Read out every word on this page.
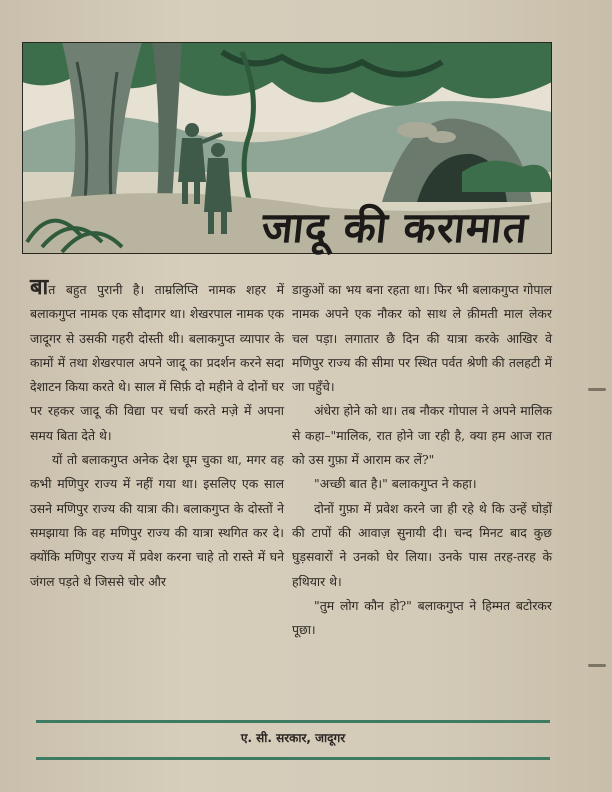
जादू की करामात

बात बहुत पुरानी है। ताम्रलिप्ति नामक शहर में बलाकगुप्त नामक एक सौदागर था। शेखरपाल नामक एक जादूगर से उसकी गहरी दोस्ती थी। बलाकगुप्त व्यापार के कामों में तथा शेखरपाल अपने जादू का प्रदर्शन करने सदा देशाटन किया करते थे। साल में सिर्फ़ दो महीने वे दोनों घर पर रहकर जादू की विद्या पर चर्चा करते मज़े में अपना समय बिता देते थे।

यों तो बलाकगुप्त अनेक देश घूम चुका था, मगर वह कभी मणिपुर राज्य में नहीं गया था। इसलिए एक साल उसने मणिपुर राज्य की यात्रा की। बलाकगुप्त के दोस्तों ने समझाया कि वह मणिपुर राज्य की यात्रा स्थगित कर दे। क्योंकि मणिपुर राज्य में प्रवेश करना चाहे तो रास्ते में घने जंगल पड़ते थे जिससे चोर और

डाकुओं का भय बना रहता था। फिर भी बलाकगुप्त गोपाल नामक अपने एक नौकर को साथ ले क़ीमती माल लेकर चल पड़ा। लगातार छै दिन की यात्रा करके आखिर वे मणिपुर राज्य की सीमा पर स्थित पर्वत श्रेणी की तलहटी में जा पहुँचे।

अंधेरा होने को था। तब नौकर गोपाल ने अपने मालिक से कहा–"मालिक, रात होने जा रही है, क्या हम आज रात को उस गुफ़ा में आराम कर लें?"

"अच्छी बात है।" बलाकगुप्त ने कहा।

दोनों गुफ़ा में प्रवेश करने जा ही रहे थे कि उन्हें घोड़ों की टापों की आवाज़ सुनायी दी। चन्द मिनट बाद कुछ घुड़सवारों ने उनको घेर लिया। उनके पास तरह-तरह के हथियार थे।

"तुम लोग कौन हो?" बलाकगुप्त ने हिम्मत बटोरकर पूछा।

ए. सी. सरकार, जादूगर
